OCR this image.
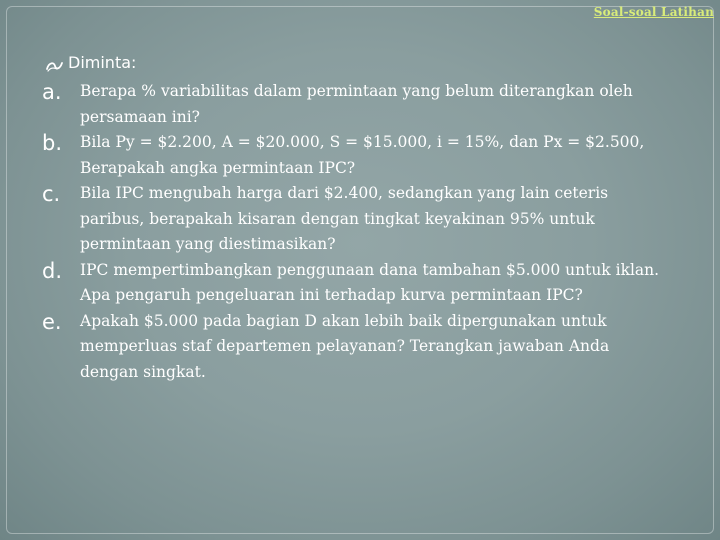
Soal-soal Latihan
Diminta:
a.	Berapa % variabilitas dalam permintaan yang belum diterangkan oleh persamaan ini?
b.	Bila Py = $2.200, A = $20.000, S = $15.000, i = 15%, dan Px = $2.500, Berapakah angka permintaan IPC?
c.	Bila IPC mengubah harga dari $2.400, sedangkan yang lain ceteris paribus, berapakah kisaran dengan tingkat keyakinan 95% untuk permintaan yang diestimasikan?
d.	IPC mempertimbangkan penggunaan dana tambahan $5.000 untuk iklan. Apa pengaruh pengeluaran ini terhadap kurva permintaan IPC?
e.	Apakah $5.000 pada bagian D akan lebih baik dipergunakan untuk memperluas staf departemen pelayanan? Terangkan jawaban Anda dengan singkat.
